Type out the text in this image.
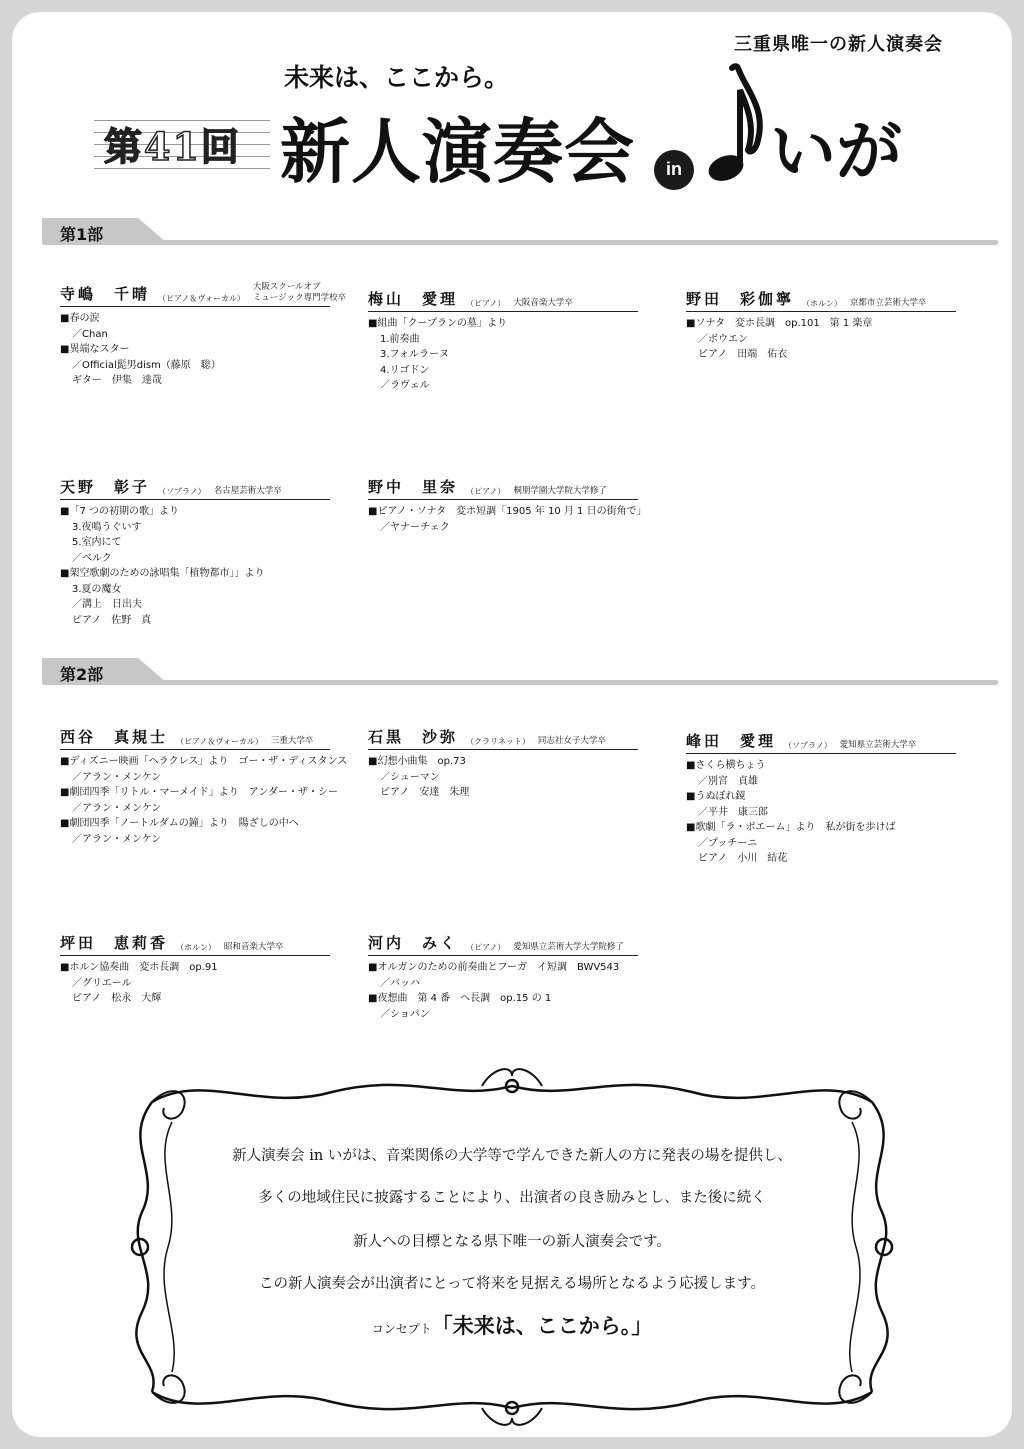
三重県唯一の新人演奏会
未来は、ここから。
第41回 新人演奏会	in いが
第1部
第2部
寺嶋　千晴 （ピアノ＆ヴォーカル）
大阪スクールオブ
ミュージック専門学校卒
■春の涙
／Chan
■異端なスター
／Official髭男dism（藤原　聡）
ギター　伊集　達哉
梅山　愛理 （ピアノ） 大阪音楽大学卒
■組曲「クープランの墓」より
1.前奏曲
3.フォルラーヌ
4.リゴドン
／ラヴェル
野田　彩伽寧 （ホルン） 京都市立芸術大学卒
■ソナタ　変ホ長調　op.101　第 1 楽章
／ボウエン
ピアノ　田端　佑衣
天野　彰子 （ソプラノ） 名古屋芸術大学卒
■「7 つの初期の歌」より
3.夜鳴うぐいす
5.室内にて
／ベルク
■架空歌劇のための詠唱集「植物都市」」より
3.夏の魔女
／溝上　日出夫
ピアノ　佐野　真
野中　里奈 （ピアノ） 桐朋学園大学院大学修了
■ピアノ・ソナタ　変ホ短調「1905 年 10 月 1 日の街角で」
／ヤナーチェク
西谷　真規士 （ピアノ＆ヴォーカル） 三重大学卒
■ディズニー映画「ヘラクレス」より　ゴー・ザ・ディスタンス
／アラン・メンケン
■劇団四季「リトル・マーメイド」より　アンダー・ザ・シー
／アラン・メンケン
■劇団四季「ノートルダムの鐘」より　陽ざしの中へ
／アラン・メンケン
石黒　沙弥 （クラリネット） 同志社女子大学卒
■幻想小曲集　op.73
／シューマン
ピアノ　安達　朱理
峰田　愛理 （ソプラノ） 愛知県立芸術大学卒
■さくら横ちょう
／別宮　貞雄
■うぬぼれ鏡
／平井　康三郎
■歌劇「ラ・ボエーム」より　私が街を歩けば
／プッチーニ
ピアノ　小川　結花
坪田　恵莉香 （ホルン） 昭和音楽大学卒
■ホルン協奏曲　変ホ長調　op.91
／グリエール
ピアノ　松永　大輝
河内　みく （ピアノ） 愛知県立芸術大学大学院修了
■オルガンのための前奏曲とフーガ　イ短調　BWV543
／バッハ
■夜想曲　第 4 番　ヘ長調　op.15 の 1
／ショパン
新人演奏会 in いがは、音楽関係の大学等で学んできた新人の方に発表の場を提供し、
多くの地域住民に披露することにより、出演者の良き励みとし、また後に続く
新人への目標となる県下唯一の新人演奏会です。
この新人演奏会が出演者にとって将来を見据える場所となるよう応援します。
コンセプト「未来は、ここから。」
